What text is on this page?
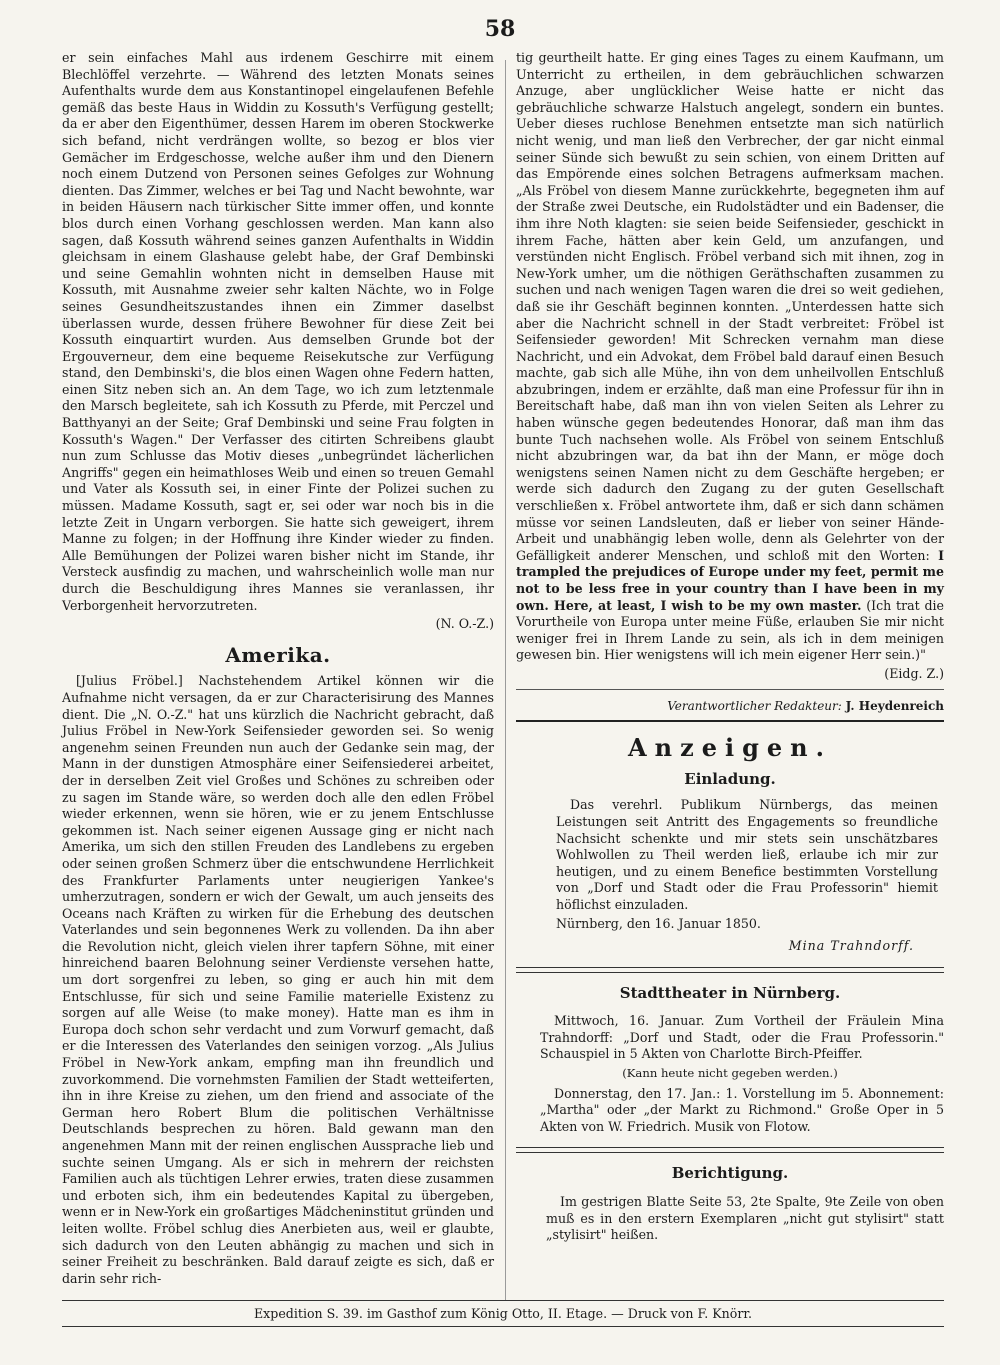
58

er sein einfaches Mahl aus irdenem Geschirre mit einem Blechlöffel verzehrte. — Während des letzten Monats seines Aufenthalts wurde dem aus Konstantinopel eingelaufenen Befehle gemäß das beste Haus in Widdin zu Kossuth's Verfügung gestellt; da er aber den Eigenthümer, dessen Harem im oberen Stockwerke sich befand, nicht verdrängen wollte, so bezog er blos vier Gemächer im Erdgeschosse, welche außer ihm und den Dienern noch einem Dutzend von Personen seines Gefolges zur Wohnung dienten. Das Zimmer, welches er bei Tag und Nacht bewohnte, war in beiden Häusern nach türkischer Sitte immer offen, und konnte blos durch einen Vorhang geschlossen werden. Man kann also sagen, daß Kossuth während seines ganzen Aufenthalts in Widdin gleichsam in einem Glashause gelebt habe, der Graf Dembinski und seine Gemahlin wohnten nicht in demselben Hause mit Kossuth, mit Ausnahme zweier sehr kalten Nächte, wo in Folge seines Gesundheitszustandes ihnen ein Zimmer daselbst überlassen wurde, dessen frühere Bewohner für diese Zeit bei Kossuth einquartirt wurden. Aus demselben Grunde bot der Ergouverneur, dem eine bequeme Reisekutsche zur Verfügung stand, den Dembinski's, die blos einen Wagen ohne Federn hatten, einen Sitz neben sich an. An dem Tage, wo ich zum letztenmale den Marsch begleitete, sah ich Kossuth zu Pferde, mit Perczel und Batthyanyi an der Seite; Graf Dembinski und seine Frau folgten in Kossuth's Wagen." Der Verfasser des citirten Schreibens glaubt nun zum Schlusse das Motiv dieses „unbegründet lächerlichen Angriffs" gegen ein heimathloses Weib und einen so treuen Gemahl und Vater als Kossuth sei, in einer Finte der Polizei suchen zu müssen. Madame Kossuth, sagt er, sei oder war noch bis in die letzte Zeit in Ungarn verborgen. Sie hatte sich geweigert, ihrem Manne zu folgen; in der Hoffnung ihre Kinder wieder zu finden. Alle Bemühungen der Polizei waren bisher nicht im Stande, ihr Versteck ausfindig zu machen, und wahrscheinlich wolle man nur durch die Beschuldigung ihres Mannes sie veranlassen, ihr Verborgenheit hervorzutreten.

(N. O.-Z.)
Amerika.

[Julius Fröbel.] Nachstehendem Artikel können wir die Aufnahme nicht versagen, da er zur Characterisirung des Mannes dient. Die „N. O.-Z." hat uns kürzlich die Nachricht gebracht, daß Julius Fröbel in New-York Seifensieder geworden sei. So wenig angenehm seinen Freunden nun auch der Gedanke sein mag, der Mann in der dunstigen Atmosphäre einer Seifensiederei arbeitet, der in derselben Zeit viel Großes und Schönes zu schreiben oder zu sagen im Stande wäre, so werden doch alle den edlen Fröbel wieder erkennen, wenn sie hören, wie er zu jenem Entschlusse gekommen ist. Nach seiner eigenen Aussage ging er nicht nach Amerika, um sich den stillen Freuden des Landlebens zu ergeben oder seinen großen Schmerz über die entschwundene Herrlichkeit des Frankfurter Parlaments unter neugierigen Yankee's umherzutragen, sondern er wich der Gewalt, um auch jenseits des Oceans nach Kräften zu wirken für die Erhebung des deutschen Vaterlandes und sein begonnenes Werk zu vollenden. Da ihn aber die Revolution nicht, gleich vielen ihrer tapfern Söhne, mit einer hinreichend baaren Belohnung seiner Verdienste versehen hatte, um dort sorgenfrei zu leben, so ging er auch hin mit dem Entschlusse, für sich und seine Familie materielle Existenz zu sorgen auf alle Weise (to make money). Hatte man es ihm in Europa doch schon sehr verdacht und zum Vorwurf gemacht, daß er die Interessen des Vaterlandes den seinigen vorzog. „Als Julius Fröbel in New-York ankam, empfing man ihn freundlich und zuvorkommend. Die vornehmsten Familien der Stadt wetteiferten, ihn in ihre Kreise zu ziehen, um den friend and associate of the German hero Robert Blum die politischen Verhältnisse Deutschlands besprechen zu hören. Bald gewann man den angenehmen Mann mit der reinen englischen Aussprache lieb und suchte seinen Umgang. Als er sich in mehrern der reichsten Familien auch als tüchtigen Lehrer erwies, traten diese zusammen und erboten sich, ihm ein bedeutendes Kapital zu übergeben, wenn er in New-York ein großartiges Mädcheninstitut gründen und leiten wollte. Fröbel schlug dies Anerbieten aus, weil er glaubte, sich dadurch von den Leuten abhängig zu machen und sich in seiner Freiheit zu beschränken. Bald darauf zeigte es sich, daß er darin sehr rich-

tig geurtheilt hatte. Er ging eines Tages zu einem Kaufmann, um Unterricht zu ertheilen, in dem gebräuchlichen schwarzen Anzuge, aber unglücklicher Weise hatte er nicht das gebräuchliche schwarze Halstuch angelegt, sondern ein buntes. Ueber dieses ruchlose Benehmen entsetzte man sich natürlich nicht wenig, und man ließ den Verbrecher, der gar nicht einmal seiner Sünde sich bewußt zu sein schien, von einem Dritten auf das Empörende eines solchen Betragens aufmerksam machen. „Als Fröbel von diesem Manne zurückkehrte, begegneten ihm auf der Straße zwei Deutsche, ein Rudolstädter und ein Badenser, die ihm ihre Noth klagten: sie seien beide Seifensieder, geschickt in ihrem Fache, hätten aber kein Geld, um anzufangen, und verstünden nicht Englisch. Fröbel verband sich mit ihnen, zog in New-York umher, um die nöthigen Geräthschaften zusammen zu suchen und nach wenigen Tagen waren die drei so weit gediehen, daß sie ihr Geschäft beginnen konnten. „Unterdessen hatte sich aber die Nachricht schnell in der Stadt verbreitet: Fröbel ist Seifensieder geworden! Mit Schrecken vernahm man diese Nachricht, und ein Advokat, dem Fröbel bald darauf einen Besuch machte, gab sich alle Mühe, ihn von dem unheilvollen Entschluß abzubringen, indem er erzählte, daß man eine Professur für ihn in Bereitschaft habe, daß man ihn von vielen Seiten als Lehrer zu haben wünsche gegen bedeutendes Honorar, daß man ihm das bunte Tuch nachsehen wolle. Als Fröbel von seinem Entschluß nicht abzubringen war, da bat ihn der Mann, er möge doch wenigstens seinen Namen nicht zu dem Geschäfte hergeben; er werde sich dadurch den Zugang zu der guten Gesellschaft verschließen x. Fröbel antwortete ihm, daß er sich dann schämen müsse vor seinen Landsleuten, daß er lieber von seiner Hände-Arbeit und unabhängig leben wolle, denn als Gelehrter von der Gefälligkeit anderer Menschen, und schloß mit den Worten: I trampled the prejudices of Europe under my feet, permit me not to be less free in your country than I have been in my own. Here, at least, I wish to be my own master. (Ich trat die Vorurtheile von Europa unter meine Füße, erlauben Sie mir nicht weniger frei in Ihrem Lande zu sein, als ich in dem meinigen gewesen bin. Hier wenigstens will ich mein eigener Herr sein.)"

(Eidg. Z.)
Verantwortlicher Redakteur: J. Heydenreich
Anzeigen.
Einladung.

Das verehrl. Publikum Nürnbergs, das meinen Leistungen seit Antritt des Engagements so freundliche Nachsicht schenkte und mir stets sein unschätzbares Wohlwollen zu Theil werden ließ, erlaube ich mir zur heutigen, und zu einem Benefice bestimmten Vorstellung von „Dorf und Stadt oder die Frau Professorin" hiemit höflichst einzuladen.

Nürnberg, den 16. Januar 1850.
Mina Trahndorff.
Stadttheater in Nürnberg.

Mittwoch, 16. Januar. Zum Vortheil der Fräulein Mina Trahndorff: „Dorf und Stadt, oder die Frau Professorin." Schauspiel in 5 Akten von Charlotte Birch-Pfeiffer.

(Kann heute nicht gegeben werden.)

Donnerstag, den 17. Jan.: 1. Vorstellung im 5. Abonnement: „Martha" oder „der Markt zu Richmond." Große Oper in 5 Akten von W. Friedrich. Musik von Flotow.

Berichtigung.

Im gestrigen Blatte Seite 53, 2te Spalte, 9te Zeile von oben muß es in den erstern Exemplaren „nicht gut stylisirt" statt „stylisirt" heißen.

Expedition S. 39. im Gasthof zum König Otto, II. Etage. — Druck von F. Knörr.
